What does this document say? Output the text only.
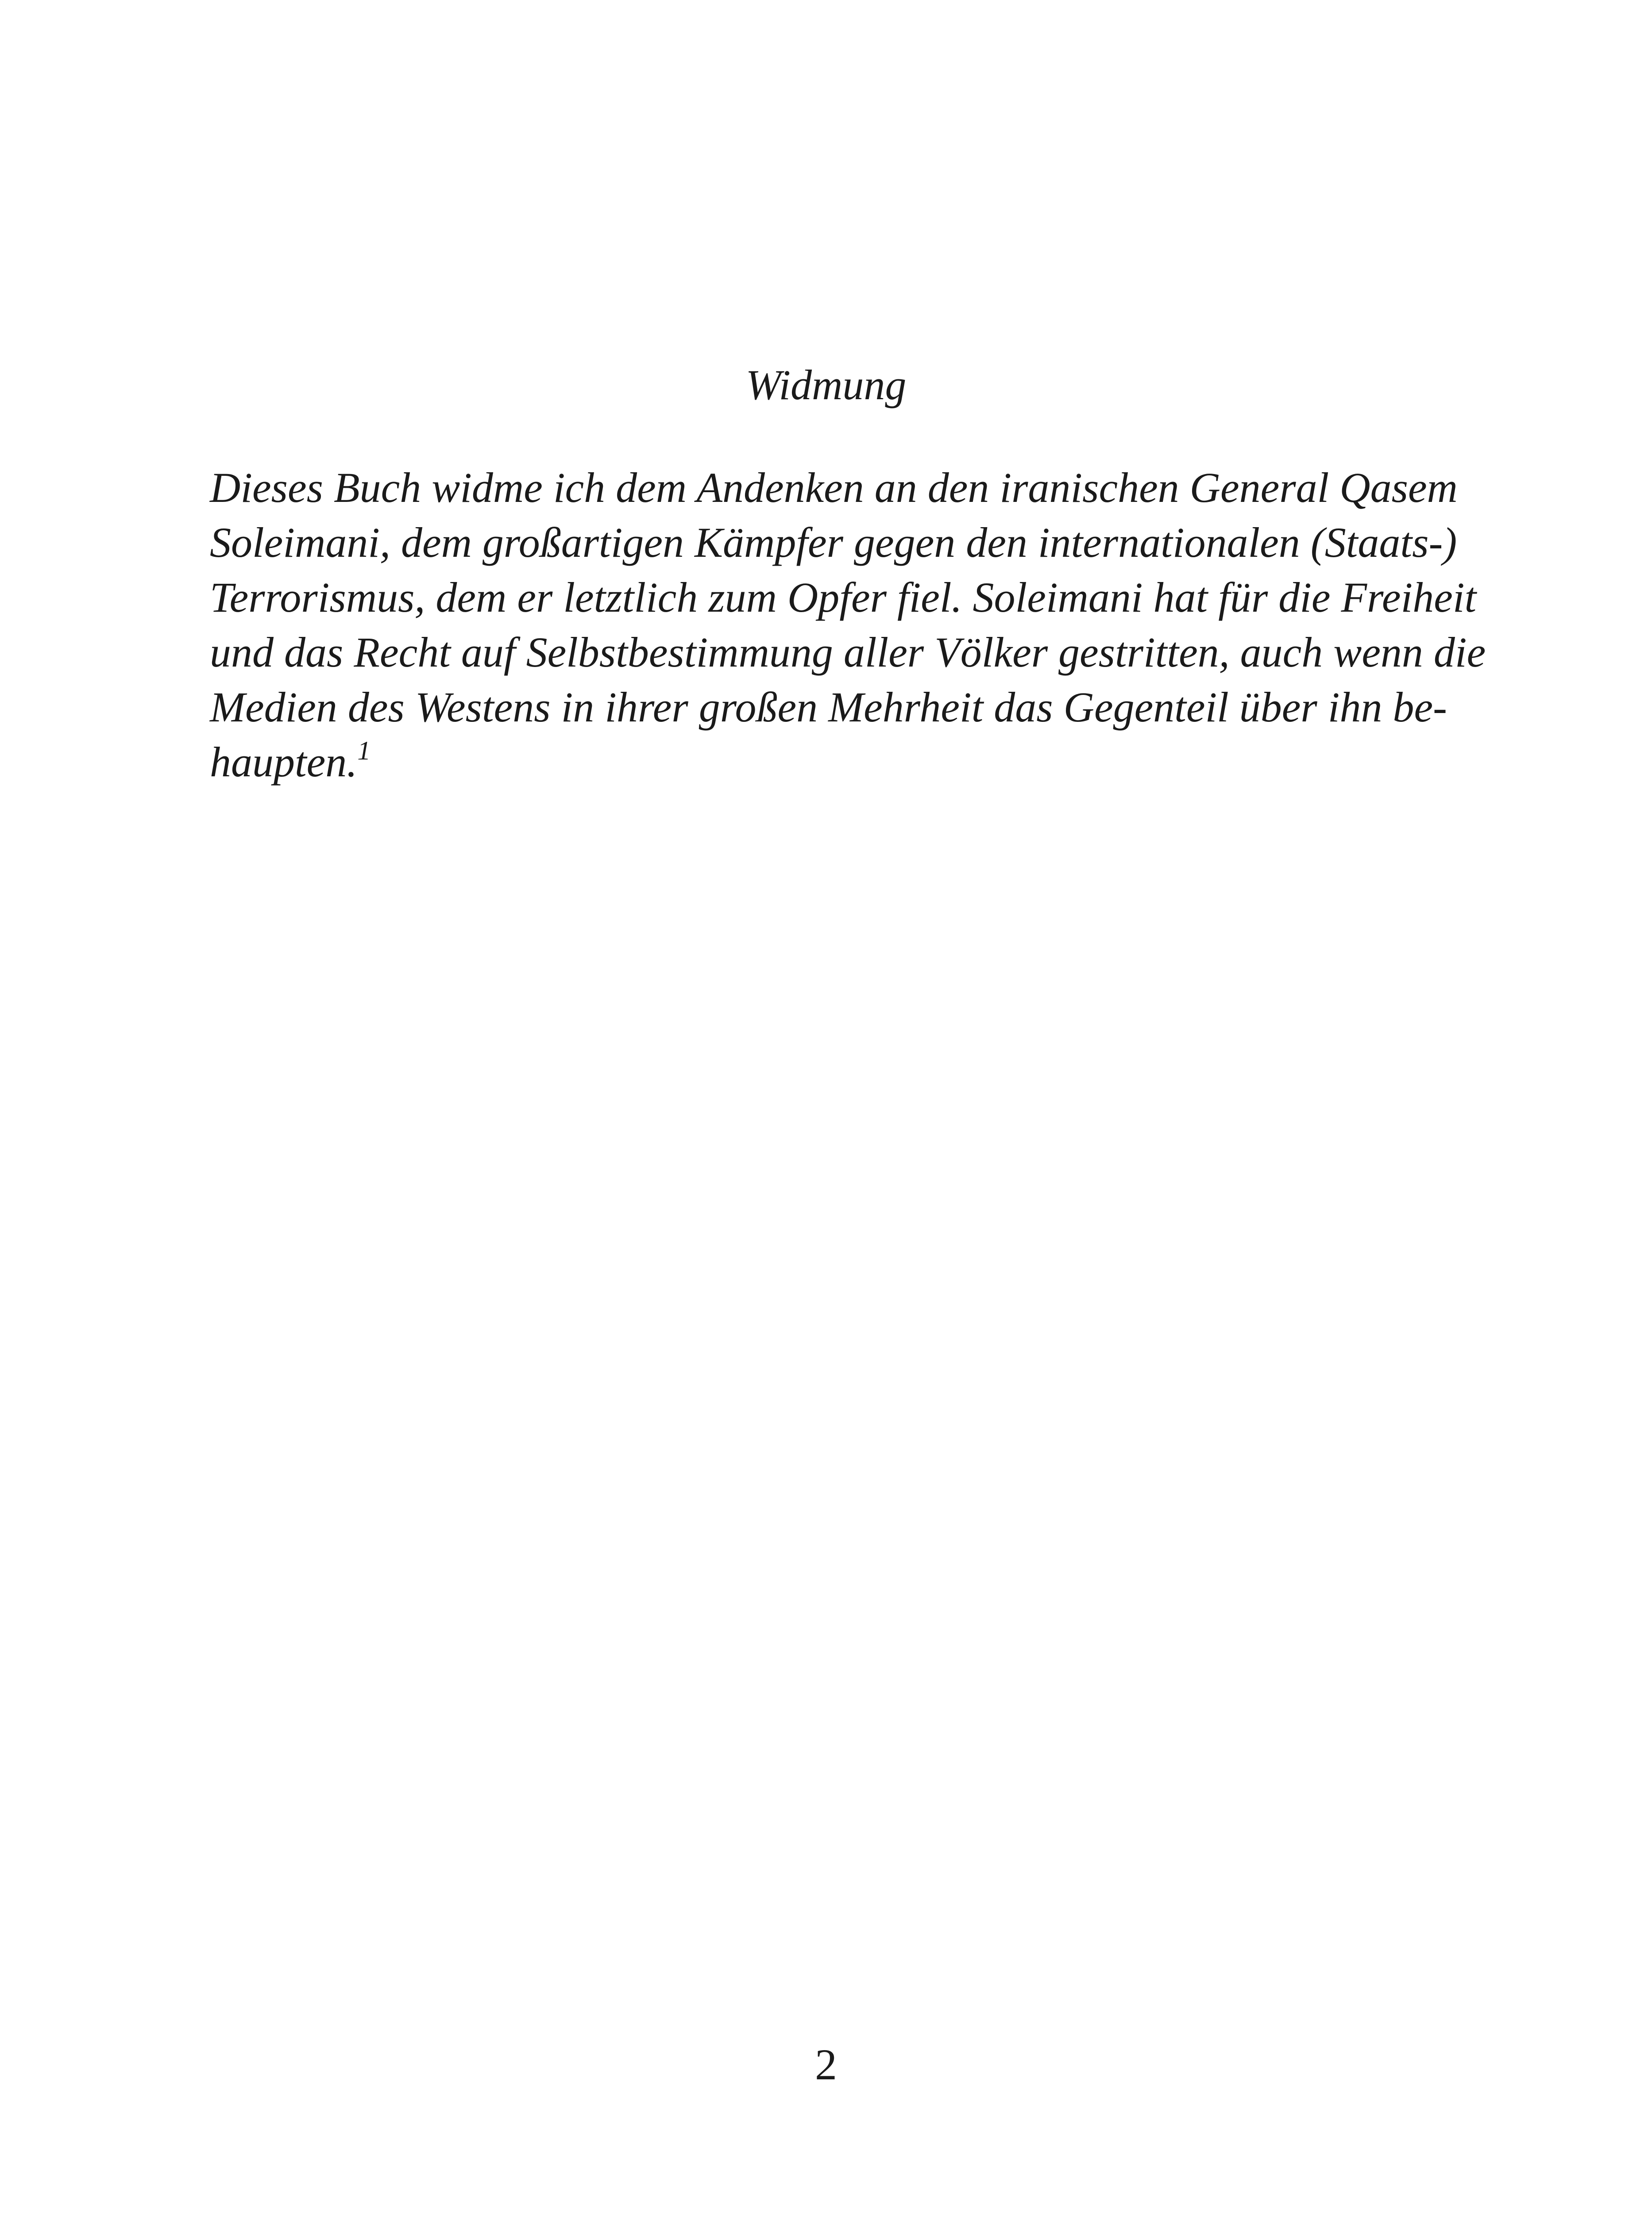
Widmung

Dieses Buch widme ich dem Andenken an den iranischen General Qasem
Soleimani, dem großartigen Kämpfer gegen den internationalen (Staats-)
Terrorismus, dem er letztlich zum Opfer fiel. Soleimani hat für die Freiheit
und das Recht auf Selbstbestimmung aller Völker gestritten, auch wenn die
Medien des Westens in ihrer großen Mehrheit das Gegenteil über ihn be-
haupten.$^1$

2
